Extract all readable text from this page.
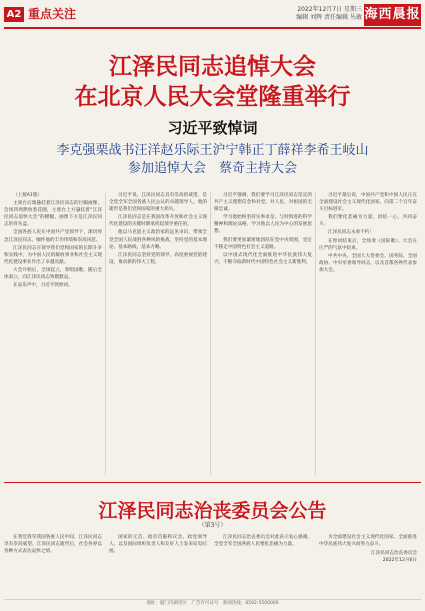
A2 重点关注	2022年12月7日 星期三
编辑 刘辉 责任编辑 丛敏 海西晨报
江泽民同志追悼大会
在北京人民大会堂隆重举行
习近平致悼词
李克强栗战书汪洋赵乐际王沪宁韩正丁薛祥李希王岐山
参加追悼大会　蔡奇主持大会

（上接A1版）

主席台后墙悬挂着江泽民同志的巨幅画像，会场四周摆放着花圈，主席台上方悬挂着“江泽民同志追悼大会”的横幅，画像下方是江泽民同志的骨灰盒。

全国各族人民在中国共产党领导下，深切悼念江泽民同志，缅怀他的丰功伟绩和崇高风范。

江泽民同志在领导我们党和国家的长期斗争和实践中，为中国人民的解放事业和社会主义现代化建设事业作出了卓越贡献。

大会开始后，全场起立，奏唱国歌。随后全体肃立，向江泽民同志致敬默哀。

在哀乐声中，习近平致悼词。

习近平说，江泽民同志具有崇高的威望，是全党全军全国各族人民公认的卓越领导人。他的逝世是我们党和国家的重大损失。

江泽民同志是在我国改革开放和社会主义现代化建设的关键时期承担起领导重任的。

他以马克思主义政治家的远见卓识，带领全党全国人民战胜各种风险挑战，坚持党的基本理论、基本路线、基本方略。

江泽民同志坚持党的领导，高度重视党的建设，推动新的伟大工程。

习近平强调，我们要学习江泽民同志坚定的共产主义理想信念和对党、对人民、对祖国的无限忠诚。

学习他始终坚持实事求是、与时俱进的科学精神和理论品格，学习他以人民为中心的发展思想。

我们要更加紧密地团结在党中央周围，坚定不移走中国特色社会主义道路。

以中国式现代化全面推进中华民族伟大复兴，不断夺取新时代中国特色社会主义新胜利。

习近平最后说，中国共产党和中国人民正在全面建设社会主义现代化国家、向第二个百年奋斗目标进军。

我们要化悲痛为力量，团结一心、共同奋斗。

江泽民同志永垂不朽！

在悼词结束后，全场奏《国际歌》。大会在庄严的气氛中结束。

中共中央、全国人大常委会、国务院、全国政协、中央军委领导同志，以及首都各界代表参加大会。

江泽民同志治丧委员会公告
（第3号）

在我党我军我国各族人民中间，江泽民同志享有崇高威望。江泽民同志逝世后，社会各界以各种方式表达哀悼之情。

国家的元首、政府首脑和议会、政党领导人，以及国际组织负责人和友好人士发来唁电唁函。

江泽民同志治丧委员会对此表示衷心感谢。全党全军全国各族人民要化悲痛为力量。

为全面建设社会主义现代化国家、全面推进中华民族伟大复兴而努力奋斗。

江泽民同志治丧委员会
2022年12月6日
地址：厦门市湖里区　广告许可证号　新闻热线：0592-5500000
